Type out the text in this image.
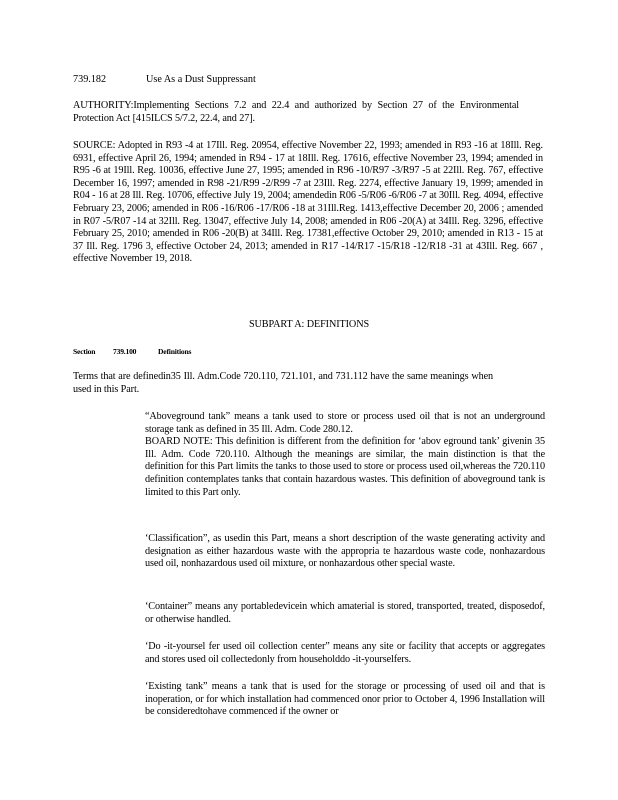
739.182	Use As a Dust Suppressant
AUTHORITY:Implementing Sections 7.2 and 22.4 and authorized by Section 27 of the Environmental Protection Act [415ILCS 5/7.2, 22.4, and 27].
SOURCE: Adopted in R93 -4 at 17Ill. Reg. 20954, effective November 22, 1993; amended in R93 -16 at 18Ill. Reg. 6931, effective April 26, 1994; amended in R94 - 17 at 18Ill. Reg. 17616, effective November 23, 1994; amended in R95 -6 at 19Ill. Reg. 10036, effective June 27, 1995; amended in R96 -10/R97 -3/R97 -5 at 22Ill. Reg. 767, effective December 16, 1997; amended in R98 -21/R99 -2/R99 -7 at 23Ill. Reg. 2274, effective January 19, 1999; amended in R04 - 16 at 28 Ill. Reg. 10706, effective July 19, 2004; amendedin R06 -5/R06 -6/R06 -7 at 30Ill. Reg. 4094, effective February 23, 2006; amended in R06 -16/R06 -17/R06 -18 at 31Ill.Reg. 1413,effective December 20, 2006 ; amended in R07 -5/R07 -14 at 32Ill. Reg. 13047, effective July 14, 2008; amended in R06 -20(A) at 34Ill. Reg. 3296, effective February 25, 2010; amended in R06 -20(B) at 34Ill. Reg. 17381,effective October 29, 2010; amended in R13 - 15 at 37 Ill. Reg. 1796 3, effective October 24, 2013; amended in R17 -14/R17 -15/R18 -12/R18 -31 at 43Ill. Reg. 667 , effective November 19, 2018.
SUBPART A: DEFINITIONS
Section 739.100	Definitions
Terms that are definedin35 Ill. Adm.Code 720.110, 721.101, and 731.112 have the same meanings when used in this Part.
“Aboveground tank” means a tank used to store or process used oil that is not an underground storage tank as defined in 35 Ill. Adm. Code 280.12.
BOARD NOTE: This definition is different from the definition for ‘abov eground tank’ givenin 35 Ill. Adm. Code 720.110. Although the meanings are similar, the main distinction is that the definition for this Part limits the tanks to those used to store or process used oil,whereas the 720.110 definition contemplates tanks that contain hazardous wastes. This definition of aboveground tank is limited to this Part only.
‘Classification”, as usedin this Part, means a short description of the waste generating activity and designation as either hazardous waste with the appropria te hazardous waste code, nonhazardous used oil, nonhazardous used oil mixture, or nonhazardous other special waste.
‘Container” means any portabledevicein which amaterial is stored, transported, treated, disposedof, or otherwise handled.
‘Do -it-yoursel fer used oil collection center” means any site or facility that accepts or aggregates and stores used oil collectedonly from householddo -it-yourselfers.
‘Existing tank” means a tank that is used for the storage or processing of used oil and that is inoperation, or for which installation had commenced onor prior to October 4, 1996 Installation will be consideredtohave commenced if the owner or
